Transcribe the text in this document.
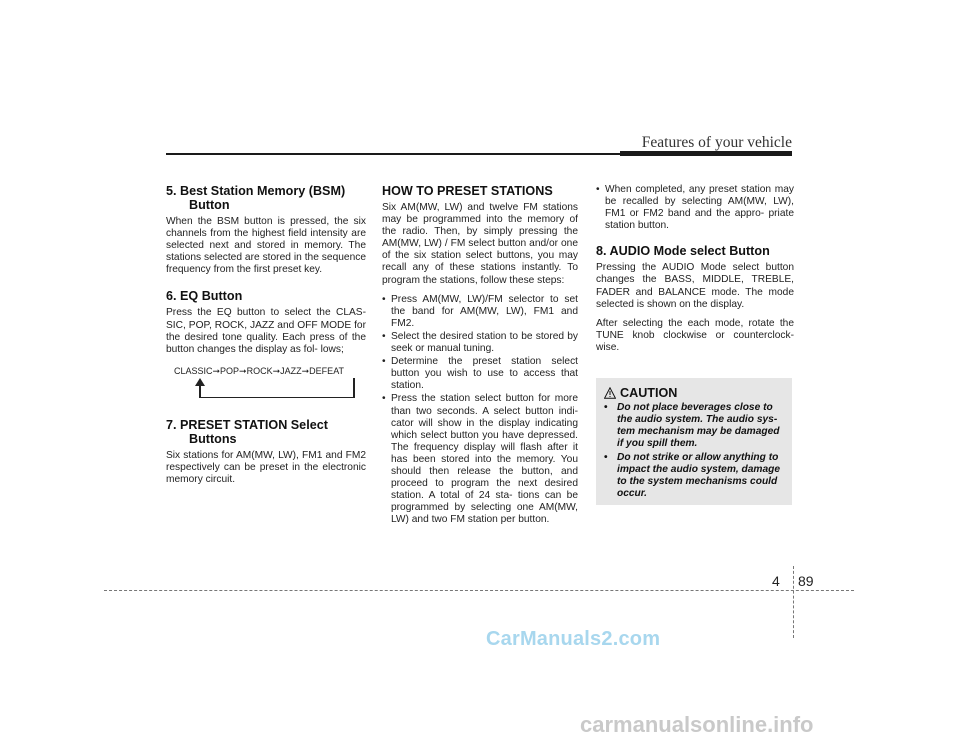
Features of your vehicle
5. Best Station Memory (BSM)
Button

When the BSM button is pressed, the six channels from the highest field intensity are selected next and stored in memory. The stations selected are stored in the sequence frequency from the first preset key.

6. EQ Button

Press the EQ button to select the CLAS- SIC, POP, ROCK, JAZZ and OFF MODE for the desired tone quality. Each press of the button changes the display as fol- lows;

CLASSIC➞POP➞ROCK➞JAZZ➞DEFEAT
7. PRESET STATION Select
Buttons

Six stations for AM(MW, LW), FM1 and FM2 respectively can be preset in the electronic memory circuit.

HOW TO PRESET STATIONS

Six AM(MW, LW) and twelve FM stations may be programmed into the memory of the radio. Then, by simply pressing the AM(MW, LW) / FM select button and/or one of the six station select buttons, you may recall any of these stations instantly. To program the stations, follow these steps:

• Press AM(MW, LW)/FM selector to set the band for AM(MW, LW), FM1 and FM2.
• Select the desired station to be stored by seek or manual tuning.
• Determine the preset station select button you wish to use to access that station.
• Press the station select button for more than two seconds. A select button indi- cator will show in the display indicating which select button you have depressed. The frequency display will flash after it has been stored into the memory. You should then release the button, and proceed to program the next desired station. A total of 24 sta- tions can be programmed by selecting one AM(MW, LW) and two FM station per button.
• When completed, any preset station may be recalled by selecting AM(MW, LW), FM1 or FM2 band and the appro- priate station button.
8. AUDIO Mode select Button

Pressing the AUDIO Mode select button changes the BASS, MIDDLE, TREBLE, FADER and BALANCE mode. The mode selected is shown on the display.

After selecting the each mode, rotate the TUNE knob clockwise or counterclock- wise.

CAUTION
• Do not place beverages close to the audio system. The audio sys- tem mechanism may be damaged if you spill them.
• Do not strike or allow anything to impact the audio system, damage to the system mechanisms could occur.
4 89
CarManuals2.com
carmanualsonline.info
